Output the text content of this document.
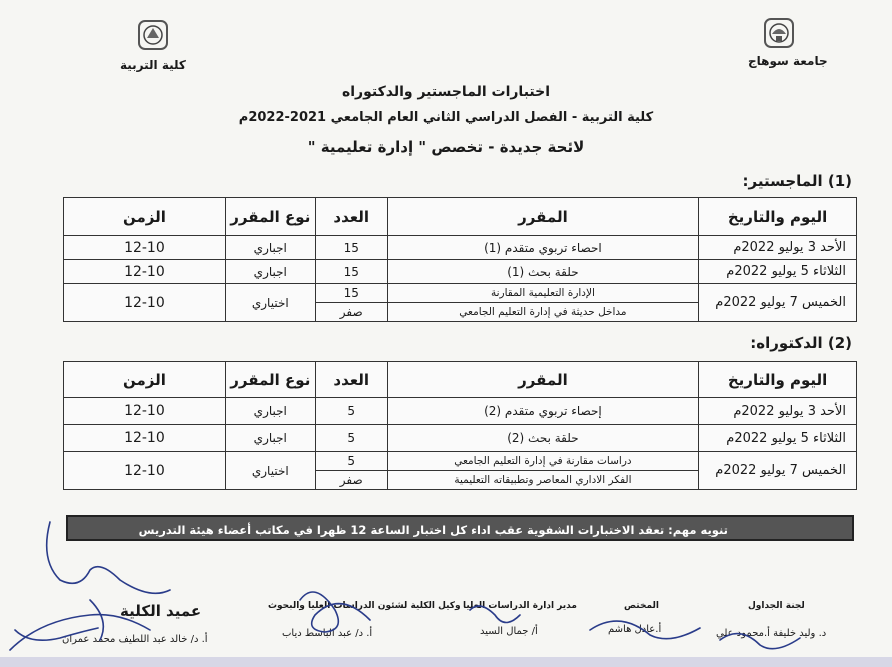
جامعة سوهاج
كلية التربية
اختبارات الماجستير والدكتوراه
كلية التربية - الفصل الدراسي الثاني العام الجامعي 2021-2022م
لائحة جديدة - تخصص " إدارة تعليمية "
(1) الماجستير:
اليوم والتاريخ	المقرر	العدد	نوع المقرر	الزمن
الأحد 3 يوليو 2022م	احصاء تربوي متقدم (1)	15	اجباري	12-10
الثلاثاء 5 يوليو 2022م	حلقة بحث (1)	15	اجباري	12-10
الخميس 7 يوليو 2022م	الإدارة التعليمية المقارنة	15	اختياري	12-10
	مداخل حديثة في إدارة التعليم الجامعي	صفر		
(2) الدكتوراه:
اليوم والتاريخ	المقرر	العدد	نوع المقرر	الزمن
الأحد 3 يوليو 2022م	إحصاء تربوي متقدم (2)	5	اجباري	12-10
الثلاثاء 5 يوليو 2022م	حلقة بحث (2)	5	اجباري	12-10
الخميس 7 يوليو 2022م	دراسات مقارنة في إدارة التعليم الجامعي	5	اختياري	12-10
	الفكر الاداري المعاصر وتطبيقاته التعليمية	صفر		
تنويه مهم: تعقد الاختبارات الشفوية عقب اداء كل اختبار الساعة 12 ظهرا في مكاتب أعضاء هيئة التدريس
لجنة الجداول
د. وليد خليفة أ.محمود علي
المختص
أ.عادل هاشم
مدير ادارة الدراسات العليا
أ/ جمال السيد
وكيل الكلية لشئون الدراسات العليا والبحوث
أ. د/ عبد الباسط دياب
عميد الكلية
أ. د/ خالد عبد اللطيف محمد عمران
